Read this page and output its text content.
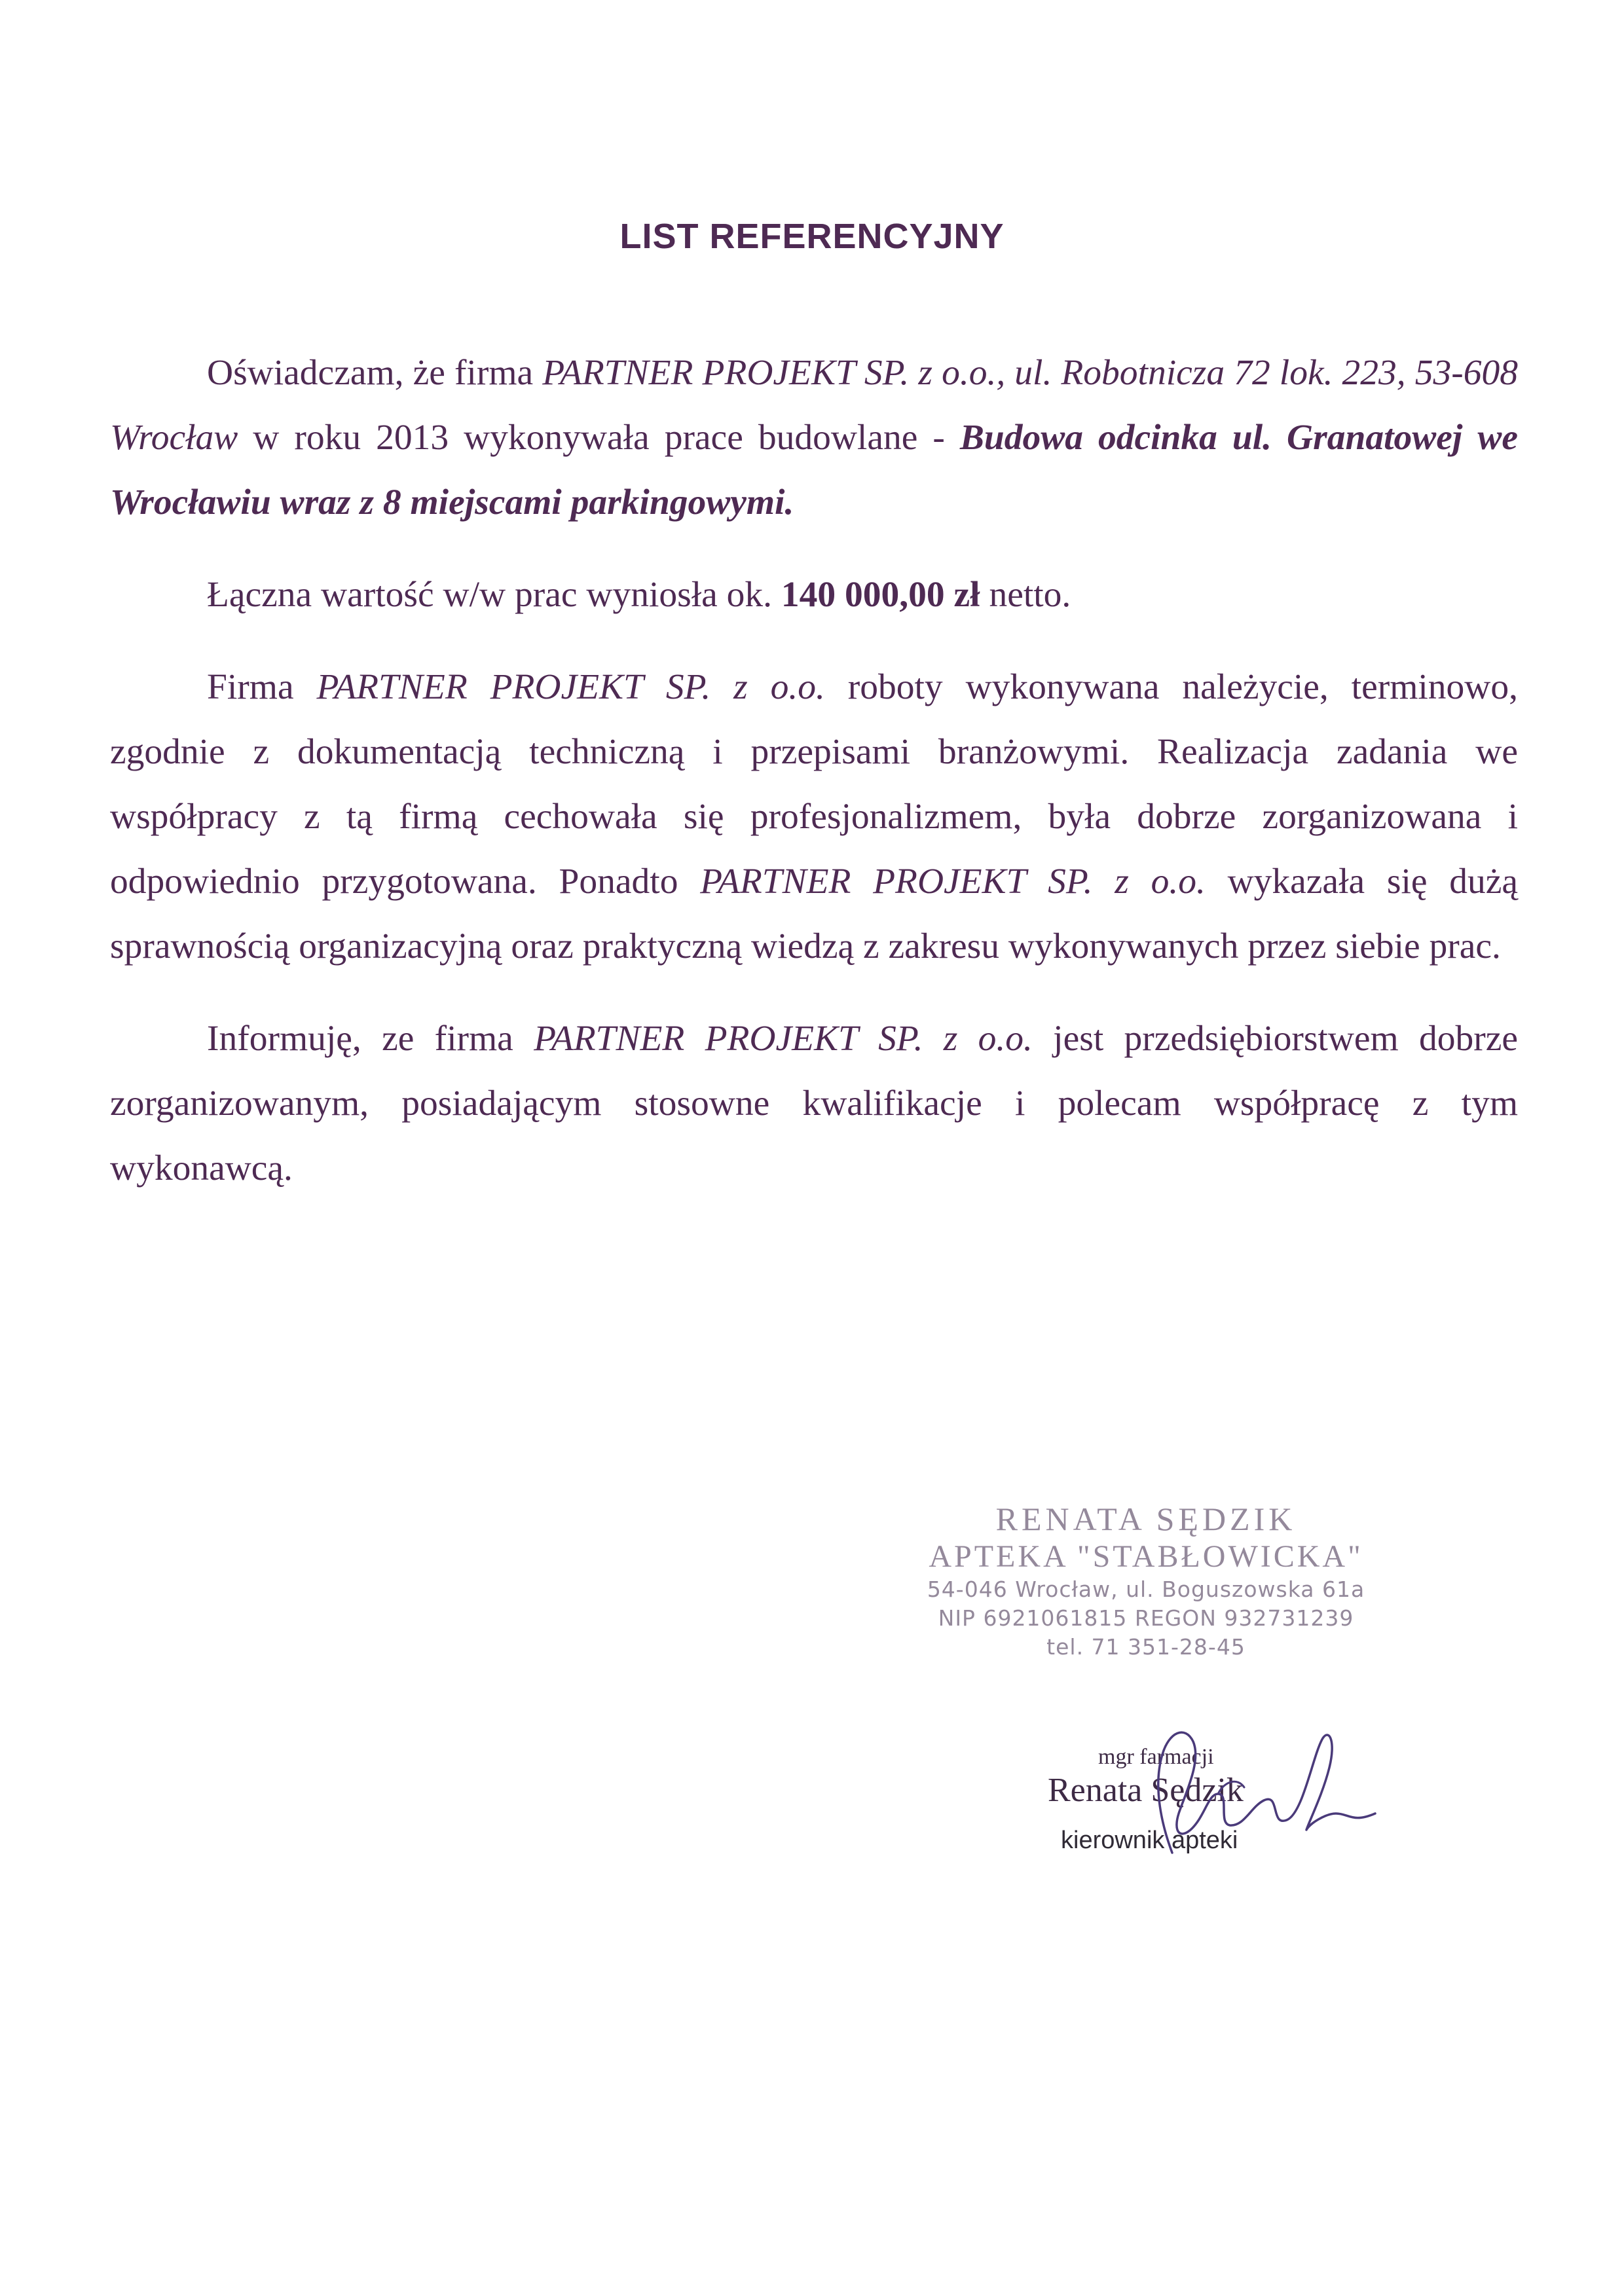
LIST REFERENCYJNY

Oświadczam, że firma PARTNER PROJEKT SP. z o.o., ul. Robotnicza 72 lok. 223, 53-608 Wrocław w roku 2013 wykonywała prace budowlane - Budowa odcinka ul. Granatowej we Wrocławiu wraz z 8 miejscami parkingowymi.

Łączna wartość w/w prac wyniosła ok. 140 000,00 zł netto.

Firma PARTNER PROJEKT SP. z o.o. roboty wykonywana należycie, terminowo, zgodnie z dokumentacją techniczną i przepisami branżowymi. Realizacja zadania we współpracy z tą firmą cechowała się profesjonalizmem, była dobrze zorganizowana i odpowiednio przygotowana. Ponadto PARTNER PROJEKT SP. z o.o. wykazała się dużą sprawnością organizacyjną oraz praktyczną wiedzą z zakresu wykonywanych przez siebie prac.

Informuję, ze firma PARTNER PROJEKT SP. z o.o. jest przedsiębiorstwem dobrze zorganizowanym, posiadającym stosowne kwalifikacje i polecam współpracę z tym wykonawcą.

RENATA SĘDZIK
APTEKA "STABŁOWICKA"
54-046 Wrocław, ul. Boguszowska 61a
NIP 6921061815 REGON 932731239
tel. 71 351-28-45
mgr farmacji
Renata Sędzik
kierownik apteki
